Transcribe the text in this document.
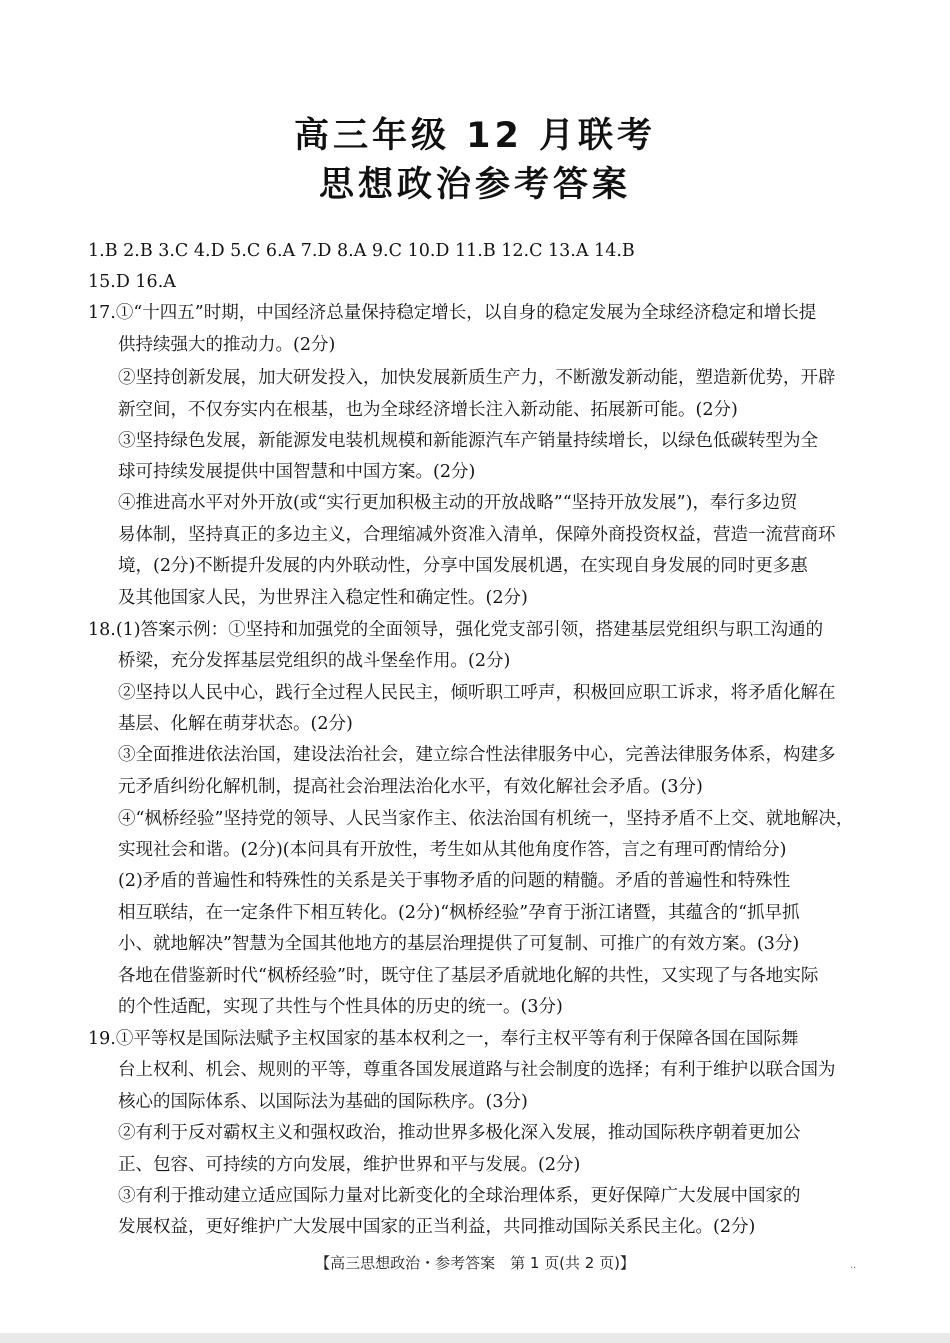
高三年级 12 月联考
思想政治参考答案
1.B 2.B 3.C 4.D 5.C 6.A 7.D 8.A 9.C 10.D 11.B 12.C 13.A 14.B
15.D 16.A
17.①“十四五”时期，中国经济总量保持稳定增长，以自身的稳定发展为全球经济稳定和增长提
供持续强大的推动力。(2分)
②坚持创新发展，加大研发投入，加快发展新质生产力，不断激发新动能，塑造新优势，开辟
新空间，不仅夯实内在根基，也为全球经济增长注入新动能、拓展新可能。(2分)
③坚持绿色发展，新能源发电装机规模和新能源汽车产销量持续增长，以绿色低碳转型为全
球可持续发展提供中国智慧和中国方案。(2分)
④推进高水平对外开放(或“实行更加积极主动的开放战略”“坚持开放发展”)，奉行多边贸
易体制，坚持真正的多边主义，合理缩减外资准入清单，保障外商投资权益，营造一流营商环
境，(2分)不断提升发展的内外联动性，分享中国发展机遇，在实现自身发展的同时更多惠
及其他国家人民，为世界注入稳定性和确定性。(2分)
18.(1)答案示例：①坚持和加强党的全面领导，强化党支部引领，搭建基层党组织与职工沟通的
桥梁，充分发挥基层党组织的战斗堡垒作用。(2分)
②坚持以人民中心，践行全过程人民民主，倾听职工呼声，积极回应职工诉求，将矛盾化解在
基层、化解在萌芽状态。(2分)
③全面推进依法治国，建设法治社会，建立综合性法律服务中心，完善法律服务体系，构建多
元矛盾纠纷化解机制，提高社会治理法治化水平，有效化解社会矛盾。(3分)
④“枫桥经验”坚持党的领导、人民当家作主、依法治国有机统一，坚持矛盾不上交、就地解决，
实现社会和谐。(2分)(本问具有开放性，考生如从其他角度作答，言之有理可酌情给分)
(2)矛盾的普遍性和特殊性的关系是关于事物矛盾的问题的精髓。矛盾的普遍性和特殊性
相互联结，在一定条件下相互转化。(2分)“枫桥经验”孕育于浙江诸暨，其蕴含的“抓早抓
小、就地解决”智慧为全国其他地方的基层治理提供了可复制、可推广的有效方案。(3分)
各地在借鉴新时代“枫桥经验”时，既守住了基层矛盾就地化解的共性，又实现了与各地实际
的个性适配，实现了共性与个性具体的历史的统一。(3分)
19.①平等权是国际法赋予主权国家的基本权利之一，奉行主权平等有利于保障各国在国际舞
台上权利、机会、规则的平等，尊重各国发展道路与社会制度的选择；有利于维护以联合国为
核心的国际体系、以国际法为基础的国际秩序。(3分)
②有利于反对霸权主义和强权政治，推动世界多极化深入发展，推动国际秩序朝着更加公
正、包容、可持续的方向发展，维护世界和平与发展。(2分)
③有利于推动建立适应国际力量对比新变化的全球治理体系，更好保障广大发展中国家的
发展权益，更好维护广大发展中国家的正当利益，共同推动国际关系民主化。(2分)
【高三思想政治・参考答案　第 1 页(共 2 页)】	..
